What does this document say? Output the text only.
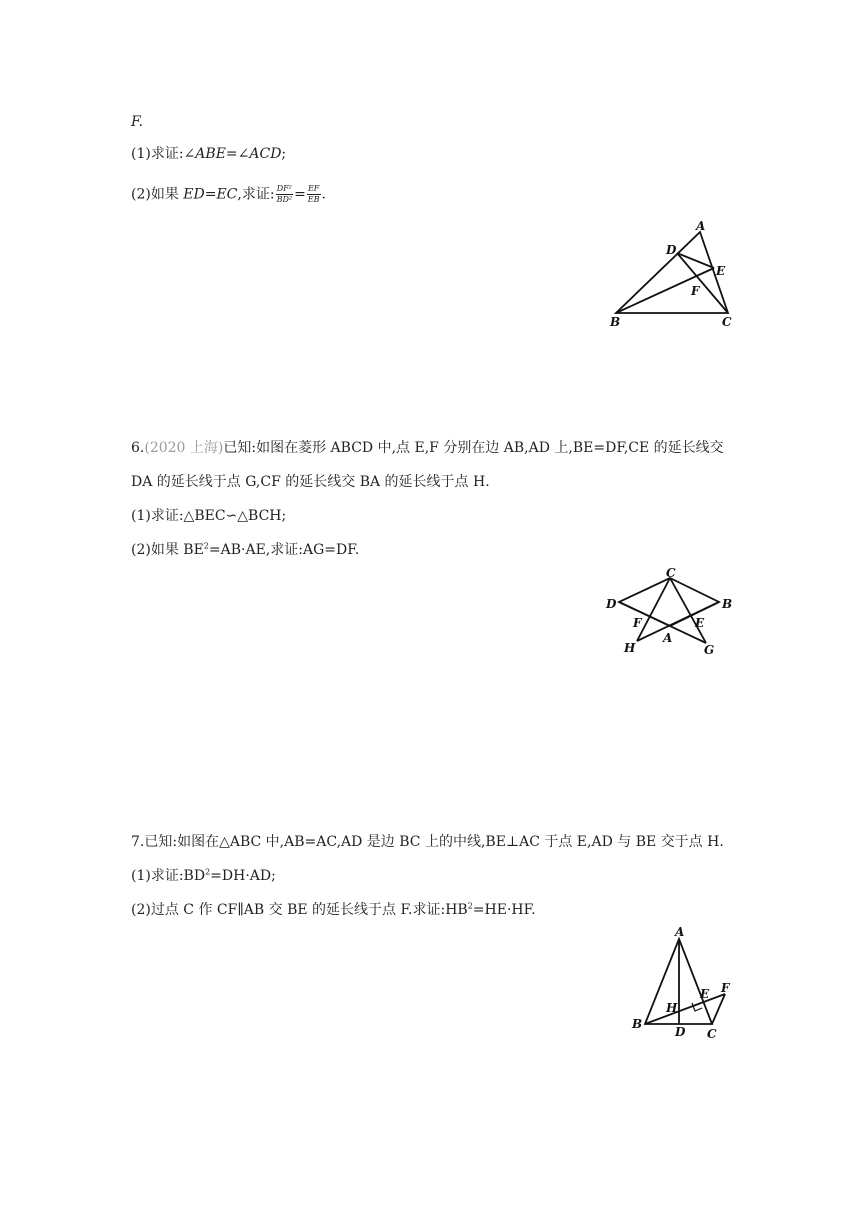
F.
(1)求证:∠ABE=∠ACD;
(2)如果 ED=EC,求证: $\frac{\text{DF²}}{\text{BD²}} = \frac{EF}{EB}$ .
A
B	C
D
E
F
6.(2020 上海)已知:如图在菱形 ABCD 中,点 E,F 分别在边 AB,AD 上,BE=DF,CE 的延长线交
DA 的延长线于点 G,CF 的延长线交 BA 的延长线于点 H.
(1)求证:△BEC∽△BCH;
(2)如果 $BE^2=AB\cdot AE$,求证:AG=DF.
C
D	B
F	E
A
H	G
7.已知:如图在△ABC 中,AB=AC,AD 是边 BC 上的中线,BE⊥AC 于点 E,AD 与 BE 交于点 H.
(1)求证$:BD^2=DH\cdot AD$;
(2)过点 C 作 CF∥AB 交 BE 的延长线于点 F.求证$:HB^2=HE\cdot HF$.
A
B
C
D
E F
H
